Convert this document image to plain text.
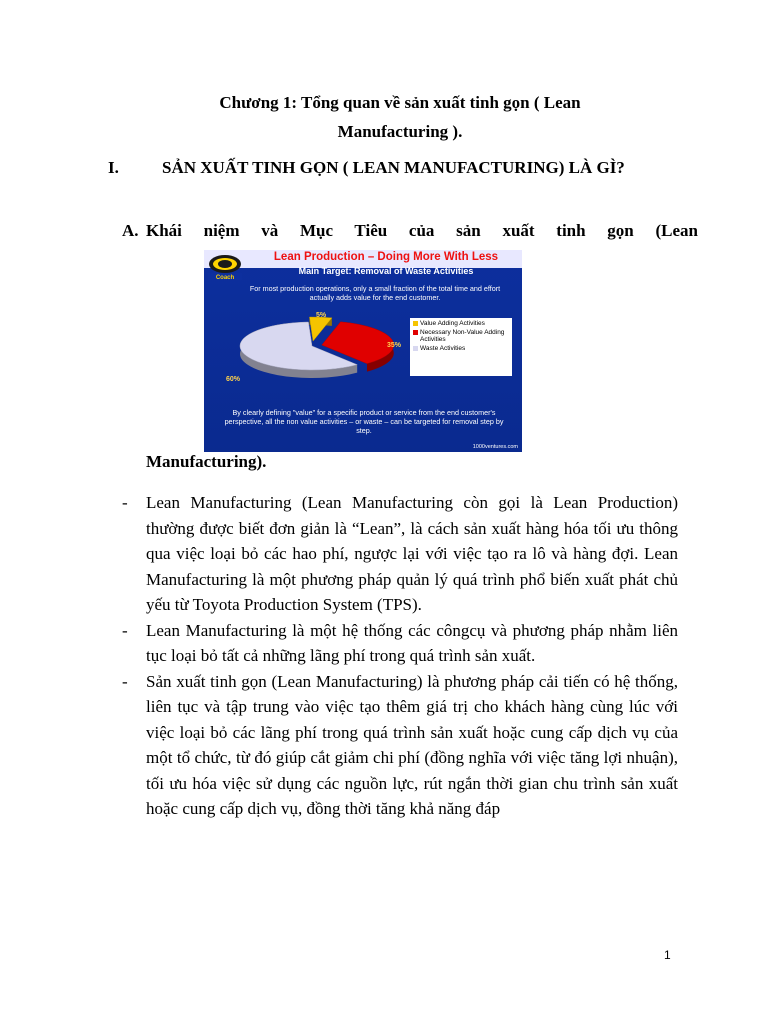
Chương 1: Tổng quan về sản xuất tinh gọn ( Lean
Manufacturing ).
I.	SẢN XUẤT TINH GỌN ( LEAN MANUFACTURING) LÀ GÌ?
A. Khái niệm và Mục Tiêu của sản xuất tinh gọn (Lean
Coach
Lean Production – Doing More With Less
Main Target: Removal of Waste Activities
For most production operations, only a small fraction of the total time and effort actually adds value for the end customer.
5%
35%
60%
Value Adding Activities
Necessary Non-Value Adding Activities
Waste Activities
By clearly defining "value" for a specific product or service from the end customer's perspective, all the non value activities – or waste – can be targeted for removal step by step.
1000ventures.com
Manufacturing).
- Lean Manufacturing (Lean Manufacturing còn gọi là Lean Production) thường được biết đơn giản là “Lean”, là cách sản xuất hàng hóa tối ưu thông qua việc loại bỏ các hao phí, ngược lại với việc tạo ra lô và hàng đợi. Lean Manufacturing là một phương pháp quản lý quá trình phổ biến xuất phát chủ yếu từ Toyota Production System (TPS).
- Lean Manufacturing là một hệ thống các côngcụ và phương pháp nhằm liên tục loại bỏ tất cả những lãng phí trong quá trình sản xuất.
- Sản xuất tinh gọn (Lean Manufacturing) là phương pháp cải tiến có hệ thống, liên tục và tập trung vào việc tạo thêm giá trị cho khách hàng cùng lúc với việc loại bỏ các lãng phí trong quá trình sản xuất hoặc cung cấp dịch vụ của một tổ chức, từ đó giúp cắt giảm chi phí (đồng nghĩa với việc tăng lợi nhuận), tối ưu hóa việc sử dụng các nguồn lực, rút ngắn thời gian chu trình sản xuất hoặc cung cấp dịch vụ, đồng thời tăng khả năng đáp
1
